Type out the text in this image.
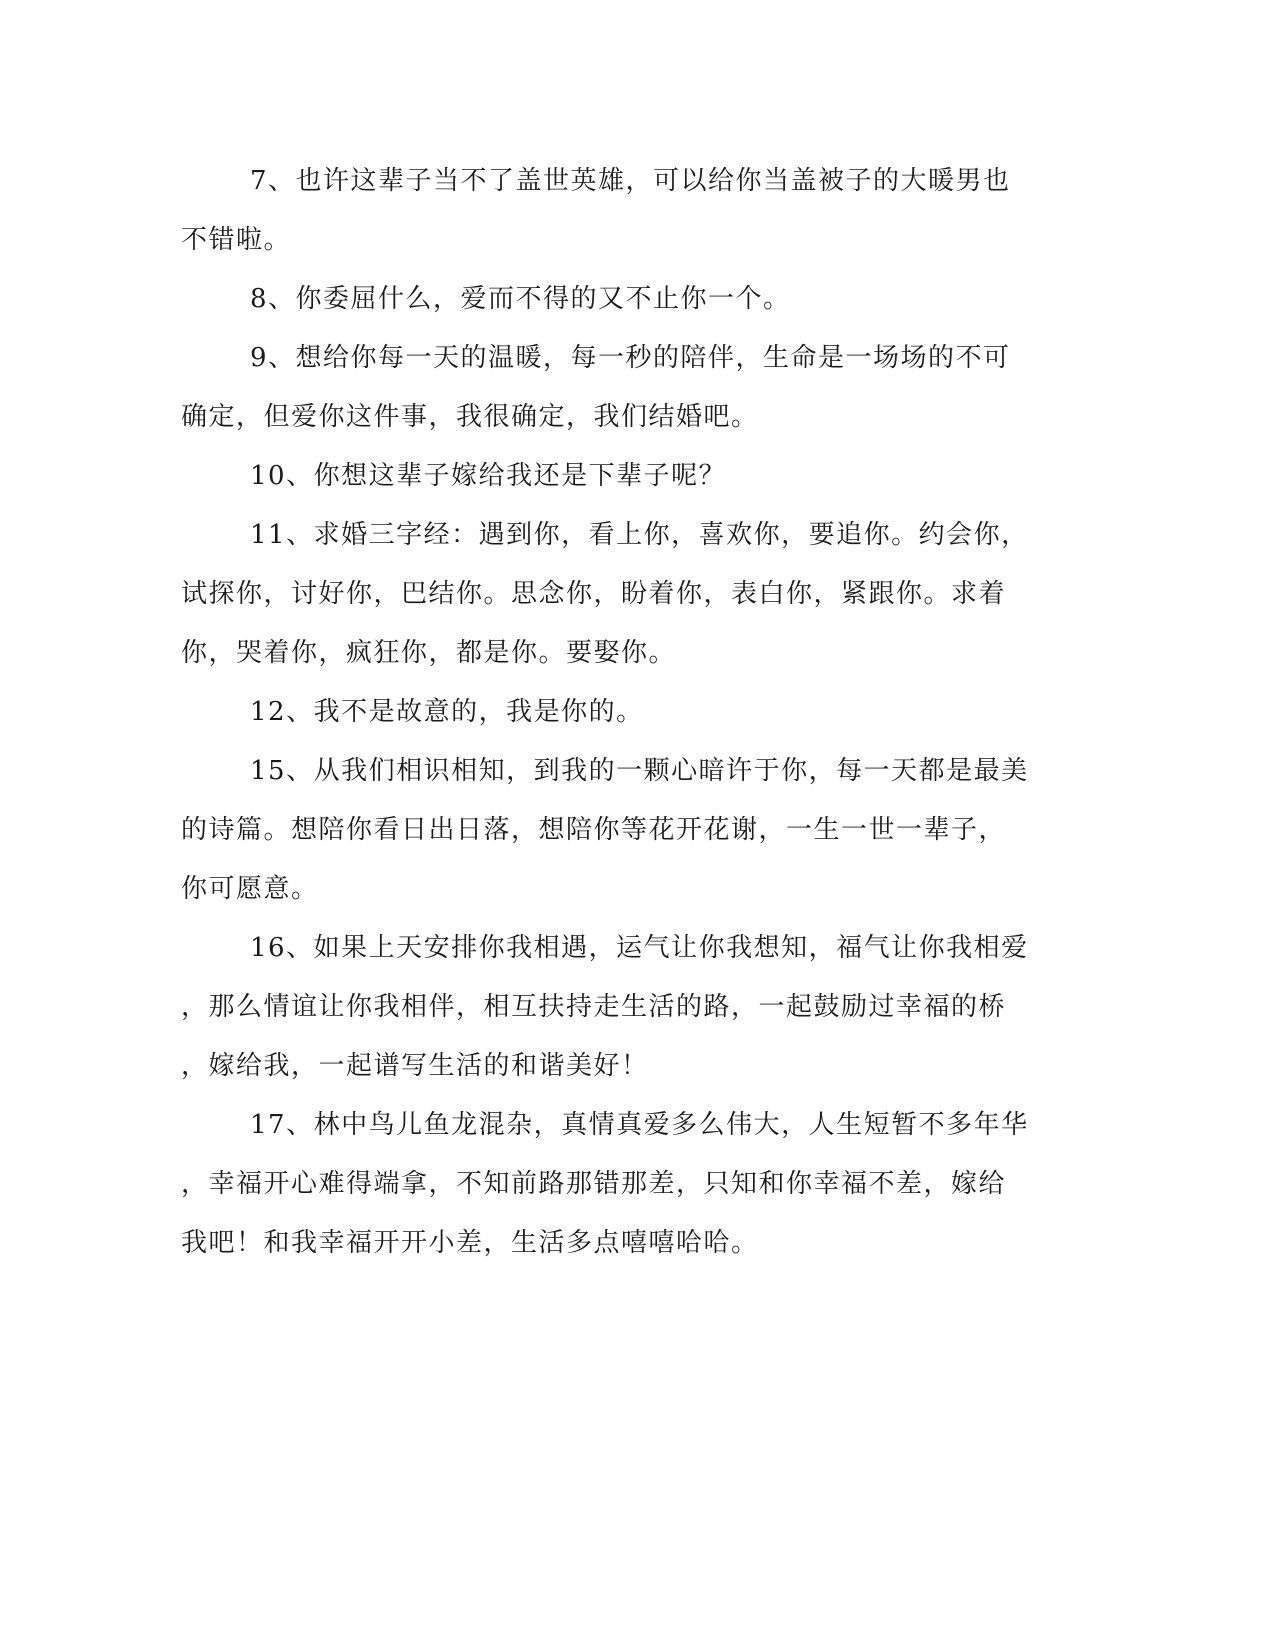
7、也许这辈子当不了盖世英雄，可以给你当盖被子的大暖男也
不错啦。
8、你委屈什么，爱而不得的又不止你一个。
9、想给你每一天的温暖，每一秒的陪伴，生命是一场场的不可
确定，但爱你这件事，我很确定，我们结婚吧。
10、你想这辈子嫁给我还是下辈子呢？
11、求婚三字经：遇到你，看上你，喜欢你，要追你。约会你，
试探你，讨好你，巴结你。思念你，盼着你，表白你，紧跟你。求着
你，哭着你，疯狂你，都是你。要娶你。
12、我不是故意的，我是你的。
15、从我们相识相知，到我的一颗心暗许于你，每一天都是最美
的诗篇。想陪你看日出日落，想陪你等花开花谢，一生一世一辈子，
你可愿意。
16、如果上天安排你我相遇，运气让你我想知，福气让你我相爱
，那么情谊让你我相伴，相互扶持走生活的路，一起鼓励过幸福的桥
，嫁给我，一起谱写生活的和谐美好！
17、林中鸟儿鱼龙混杂，真情真爱多么伟大，人生短暂不多年华
，幸福开心难得端拿，不知前路那错那差，只知和你幸福不差，嫁给
我吧！和我幸福开开小差，生活多点嘻嘻哈哈。
